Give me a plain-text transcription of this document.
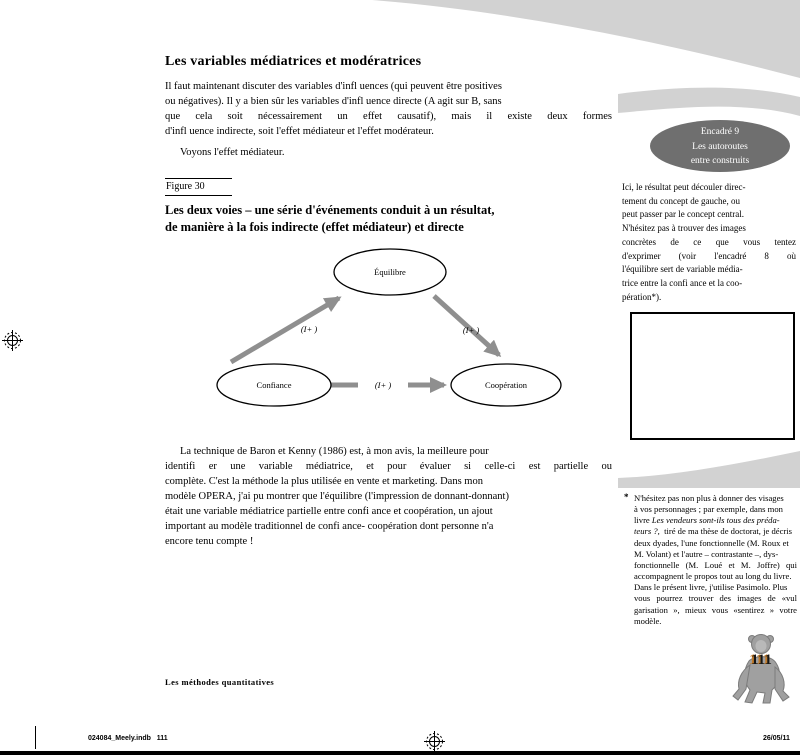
Les variables médiatrices et modératrices
Il faut maintenant discuter des variables d'infl uences (qui peuvent être positives
ou négatives). Il y a bien sûr les variables d'infl uence directe (A agit sur B, sans
que cela soit nécessairement un effet causatif), mais il existe deux formes
d'infl uence indirecte, soit l'effet médiateur et l'effet modérateur.
Voyons l'effet médiateur.
Figure 30
Les deux voies – une série d'événements conduit à un résultat,
de manière à la fois indirecte (effet médiateur) et directe
Équilibre
Confiance	Coopération
(I+ )	(I+ )
(I+ )
La technique de Baron et Kenny (1986) est, à mon avis, la meilleure pour
identifi er une variable médiatrice, et pour évaluer si celle-ci est partielle ou
complète. C'est la méthode la plus utilisée en vente et marketing. Dans mon
modèle OPERA, j'ai pu montrer que l'équilibre (l'impression de donnant-donnant)
était une variable médiatrice partielle entre confi ance et coopération, un ajout
important au modèle traditionnel de confi ance- coopération dont personne n'a
encore tenu compte !
Les méthodes quantitatives
Encadré 9
Les autoroutes
entre construits
Ici, le résultat peut découler direc-
tement du concept de gauche, ou
peut passer par le concept central.
N'hésitez pas à trouver des images
concrètes de ce que vous tentez
d'exprimer (voir l'encadré 8 où
l'équilibre sert de variable média-
trice entre la confi ance et la coo-
pération*).
* N'hésitez pas non plus à donner des visages
à vos personnages ; par exemple, dans mon
livre Les vendeurs sont-ils tous des préda-
teurs ?,  tiré de ma thèse de doctorat, je décris
deux dyades, l'une fonctionnelle (M. Roux et
M. Volant) et l'autre – contrastante –, dys-
fonctionnelle (M. Loué et M. Joffre) qui
accompagnent le propos tout au long du livre.
Dans le présent livre, j'utilise Pasimolo. Plus
vous pourrez trouver des images de «vul
garisation », mieux vous «sentirez » votre
modèle.
111
024084_Meely.indb   111	26/05/11
